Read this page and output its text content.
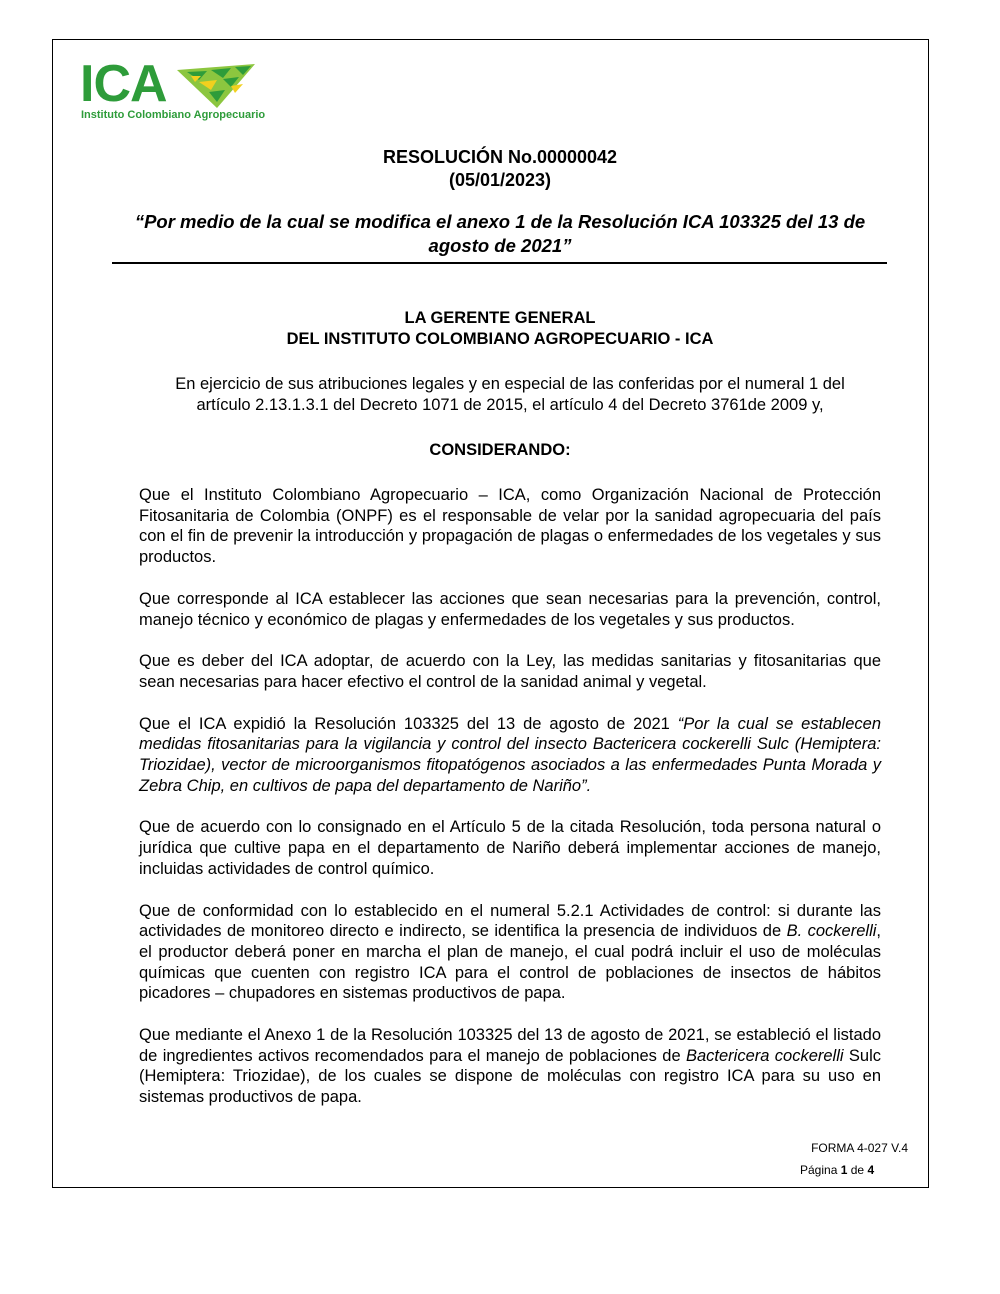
ICA
Instituto Colombiano Agropecuario
RESOLUCIÓN No.00000042
(05/01/2023)
“Por medio de la cual se modifica el anexo 1 de la Resolución ICA 103325 del 13 de
agosto de 2021”
LA GERENTE GENERAL
DEL INSTITUTO COLOMBIANO AGROPECUARIO - ICA
En ejercicio de sus atribuciones legales y en especial de las conferidas por el numeral 1 del
artículo 2.13.1.3.1 del Decreto 1071 de 2015, el artículo 4 del Decreto 3761de 2009 y,
CONSIDERANDO:

Que el Instituto Colombiano Agropecuario – ICA, como Organización Nacional de Protección Fitosanitaria de Colombia (ONPF) es el responsable de velar por la sanidad agropecuaria del país con el fin de prevenir la introducción y propagación de plagas o enfermedades de los vegetales y sus productos.

Que corresponde al ICA establecer las acciones que sean necesarias para la prevención, control, manejo técnico y económico de plagas y enfermedades de los vegetales y sus productos.

Que es deber del ICA adoptar, de acuerdo con la Ley, las medidas sanitarias y fitosanitarias que sean necesarias para hacer efectivo el control de la sanidad animal y vegetal.

Que el ICA expidió la Resolución 103325 del 13 de agosto de 2021 “Por la cual se establecen medidas fitosanitarias para la vigilancia y control del insecto Bactericera cockerelli Sulc (Hemiptera: Triozidae), vector de microorganismos fitopatógenos asociados a las enfermedades Punta Morada y Zebra Chip, en cultivos de papa del departamento de Nariño”.

Que de acuerdo con lo consignado en el Artículo 5 de la citada Resolución, toda persona natural o jurídica que cultive papa en el departamento de Nariño deberá implementar acciones de manejo, incluidas actividades de control químico.

Que de conformidad con lo establecido en el numeral 5.2.1 Actividades de control: si durante las actividades de monitoreo directo e indirecto, se identifica la presencia de individuos de B. cockerelli, el productor deberá poner en marcha el plan de manejo, el cual podrá incluir el uso de moléculas químicas que cuenten con registro ICA para el control de poblaciones de insectos de hábitos picadores – chupadores en sistemas productivos de papa.

Que mediante el Anexo 1 de la Resolución 103325 del 13 de agosto de 2021, se estableció el listado de ingredientes activos recomendados para el manejo de poblaciones de Bactericera cockerelli Sulc (Hemiptera: Triozidae), de los cuales se dispone de moléculas con registro ICA para su uso en sistemas productivos de papa.

FORMA 4-027 V.4
Página 1 de 4
